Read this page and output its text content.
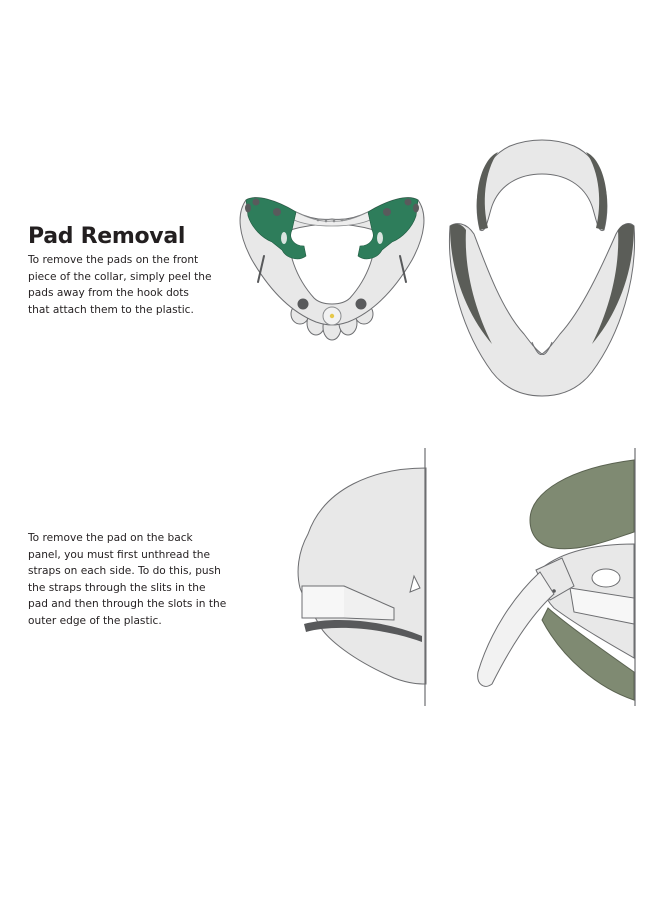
Pad Removal

To remove the pads on the front piece of the collar, simply peel the pads away from the hook dots that attach them to the plastic.

To remove the pad on the back panel, you must first unthread the straps on each side. To do this, push the straps through the slits in the pad and then through the slots in the outer edge of the plastic.
